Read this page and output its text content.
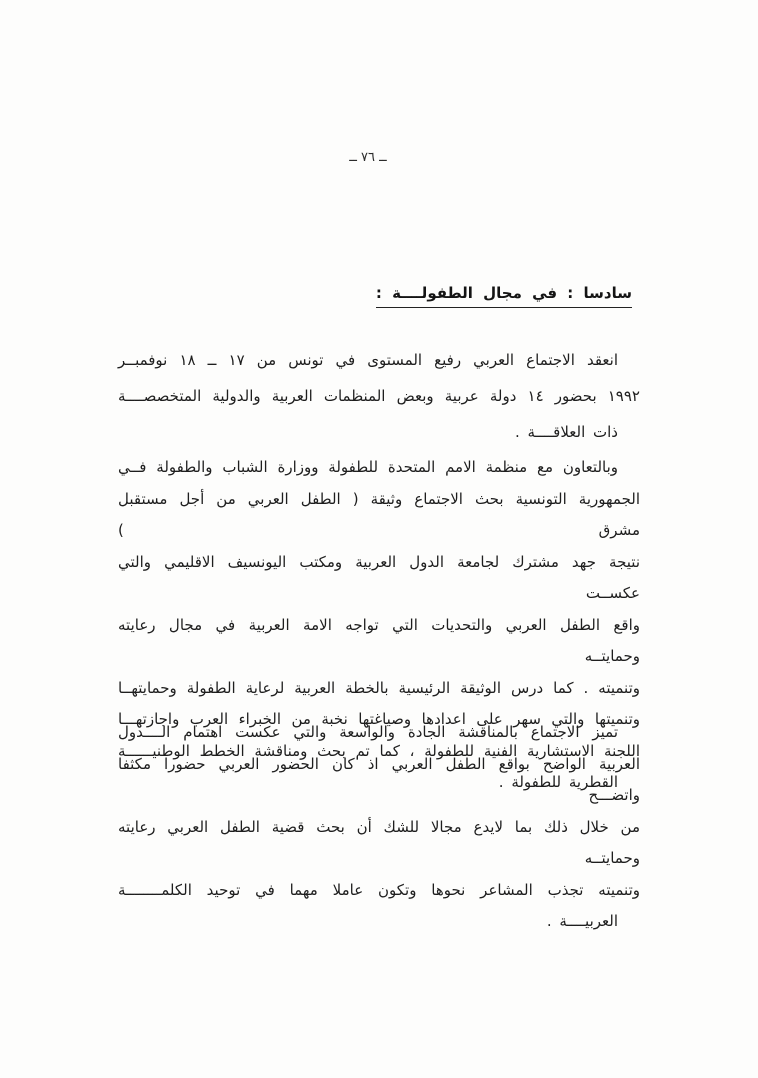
ــ ٧٦ ــ
سادسا : في مجال الطفولــــة :
انعقد الاجتماع العربي رفيع المستوى في تونس من ١٧ ــ ١٨ نوفمبــر
١٩٩٢ بحضور ١٤ دولة عربية وبعض المنظمات العربية والدولية المتخصصــــة
ذات العلاقــــة .
وبالتعاون مع منظمة الامم المتحدة للطفولة ووزارة الشباب والطفولة فــي
الجمهورية التونسية بحث الاجتماع وثيقة ( الطفل العربي من أجل مستقبل مشرق )
نتيجة جهد مشترك لجامعة الدول العربية ومكتب اليونسيف الاقليمي والتي عكســت
واقع الطفل العربي والتحديات التي تواجه الامة العربية في مجال رعايته وحمايتــه
وتنميته . كما درس الوثيقة الرئيسية بالخطة العربية لرعاية الطفولة وحمايتهــا
وتنميتها والتي سهر على اعدادها وصياغتها نخبة من الخبراء العرب واجازتهـــا
اللجنة الاستشارية الفنية للطفولة ، كما تم بحث ومناقشة الخطط الوطنيــــــة
القطرية للطفولة .
تميز الاجتماع بالمناقشة الجادة والواسعة والتي عكست اهتمام الــــدول
العربية الواضح بواقع الطفل العربي اذ كان الحضور العربي حضورا مكثفا واتضـــح
من خلال ذلك بما لايدع مجالا للشك أن بحث قضية الطفل العربي رعايته وحمايتــه
وتنميته تجذب المشاعر نحوها وتكون عاملا مهما في توحيد الكلمــــــــة
العربيــــة .
